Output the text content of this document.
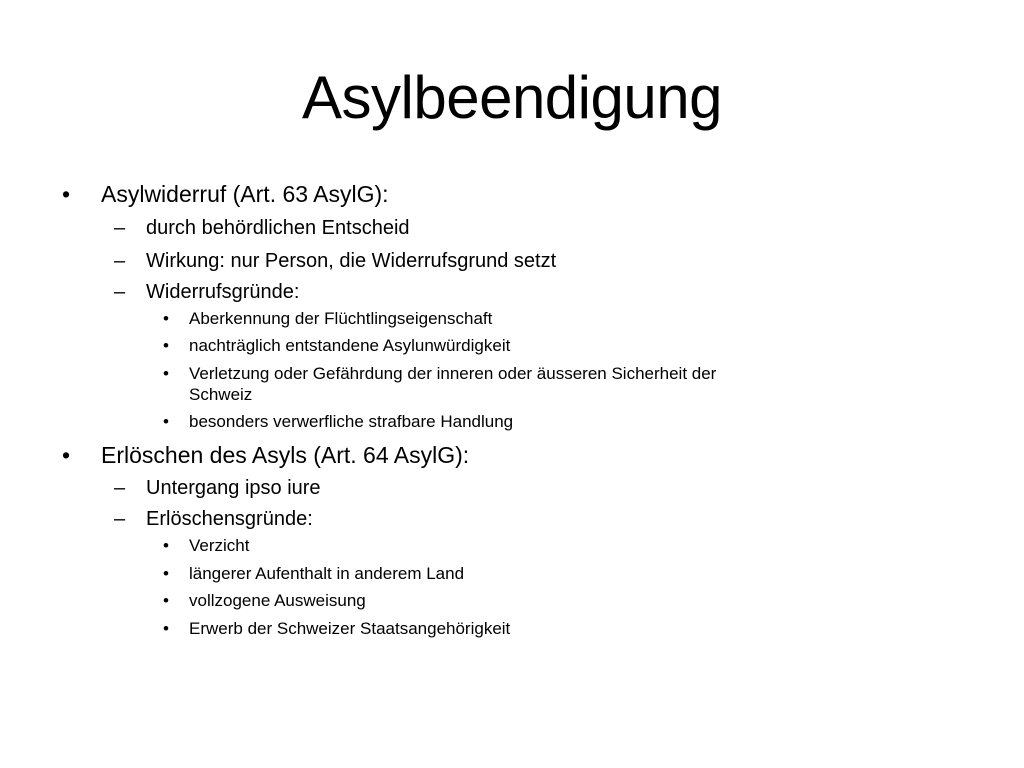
Asylbeendigung
• Asylwiderruf (Art. 63 AsylG):
– durch behördlichen Entscheid
– Wirkung: nur Person, die Widerrufsgrund setzt
– Widerrufsgründe:
• Aberkennung der Flüchtlingseigenschaft
• nachträglich entstandene Asylunwürdigkeit
• Verletzung oder Gefährdung der inneren oder äusseren Sicherheit der
Schweiz
• besonders verwerfliche strafbare Handlung
• Erlöschen des Asyls (Art. 64 AsylG):
– Untergang ipso iure
– Erlöschensgründe:
• Verzicht
• längerer Aufenthalt in anderem Land
• vollzogene Ausweisung
• Erwerb der Schweizer Staatsangehörigkeit
